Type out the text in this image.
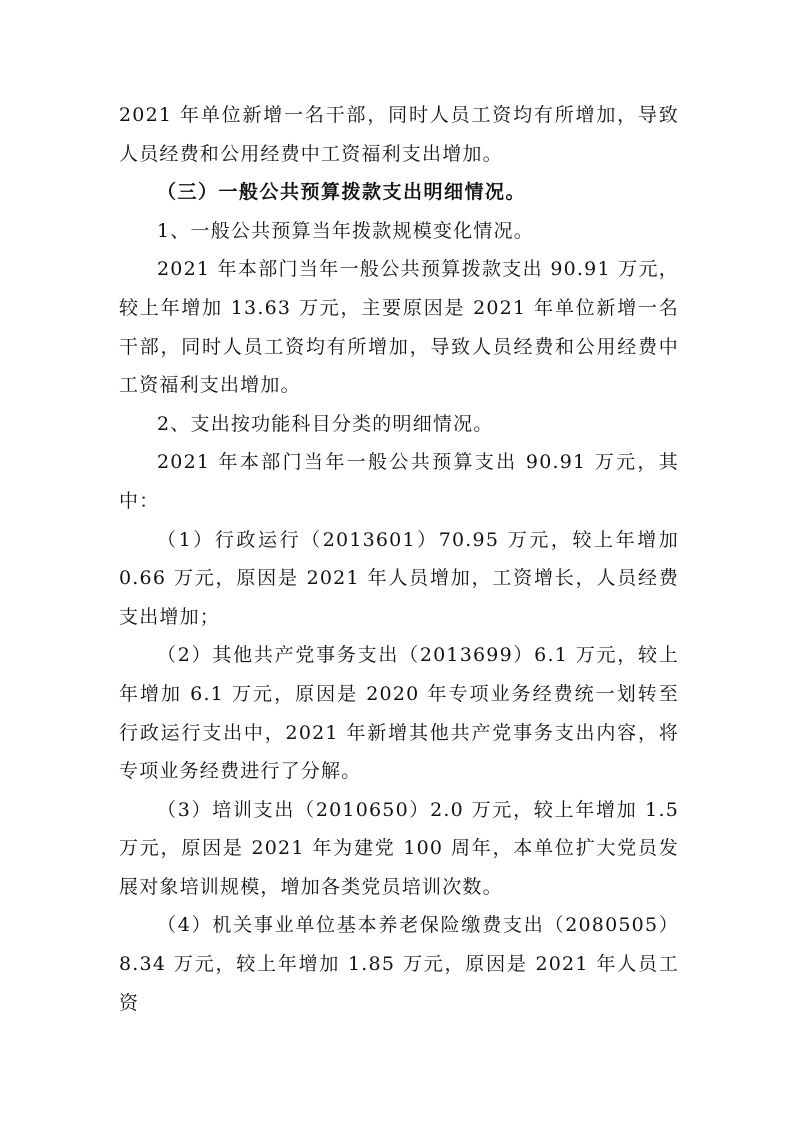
2021 年单位新增一名干部，同时人员工资均有所增加，导致人员经费和公用经费中工资福利支出增加。

（三）一般公共预算拨款支出明细情况。

1、一般公共预算当年拨款规模变化情况。

2021 年本部门当年一般公共预算拨款支出 90.91 万元，较上年增加 13.63 万元，主要原因是 2021 年单位新增一名干部，同时人员工资均有所增加，导致人员经费和公用经费中工资福利支出增加。

2、支出按功能科目分类的明细情况。

2021 年本部门当年一般公共预算支出 90.91 万元，其中：

（1）行政运行（2013601）70.95 万元，较上年增加 0.66 万元，原因是 2021 年人员增加，工资增长，人员经费支出增加；

（2）其他共产党事务支出（2013699）6.1 万元，较上年增加 6.1 万元，原因是 2020 年专项业务经费统一划转至行政运行支出中，2021 年新增其他共产党事务支出内容，将专项业务经费进行了分解。

（3）培训支出（2010650）2.0 万元，较上年增加 1.5 万元，原因是 2021 年为建党 100 周年，本单位扩大党员发展对象培训规模，增加各类党员培训次数。

（4）机关事业单位基本养老保险缴费支出（2080505）8.34 万元，较上年增加 1.85 万元，原因是 2021 年人员工资
